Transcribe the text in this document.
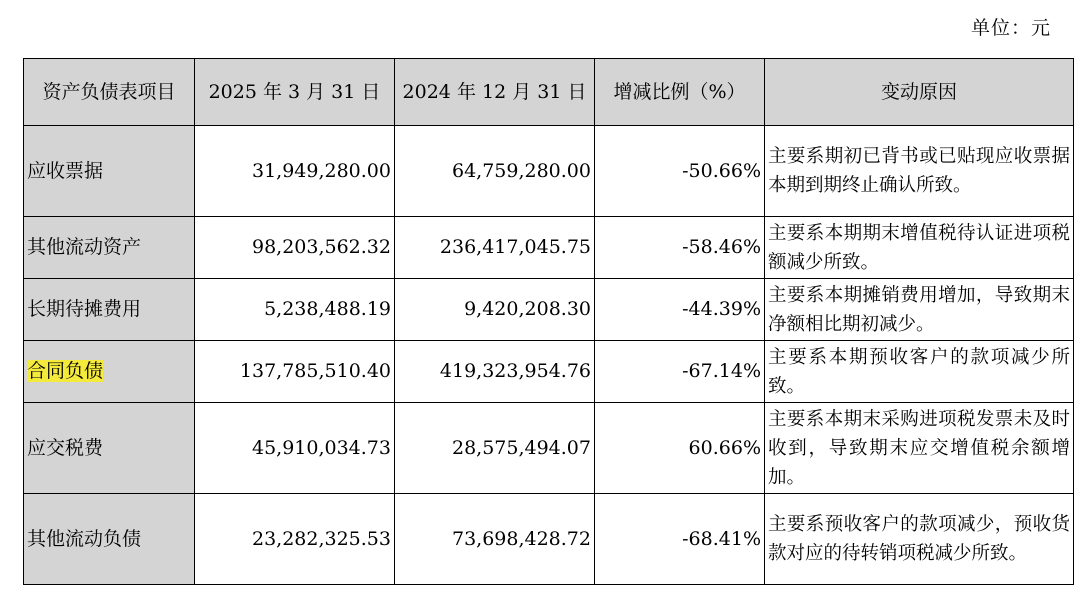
单位：元
资产负债表项目	2025 年 3 月 31 日	2024 年 12 月 31 日	增减比例（%）	变动原因
应收票据	31,949,280.00	64,759,280.00	-50.66%	主要系期初已背书或已贴现应收票据本期到期终止确认所致。
其他流动资产	98,203,562.32	236,417,045.75	-58.46%	主要系本期期末增值税待认证进项税额减少所致。
长期待摊费用	5,238,488.19	9,420,208.30	-44.39%	主要系本期摊销费用增加，导致期末净额相比期初减少。
合同负债	137,785,510.40	419,323,954.76	-67.14%	主要系本期预收客户的款项减少所致。
应交税费	45,910,034.73	28,575,494.07	60.66%	主要系本期末采购进项税发票未及时收到，导致期末应交增值税余额增加。
其他流动负债	23,282,325.53	73,698,428.72	-68.41%	主要系预收客户的款项减少，预收货款对应的待转销项税减少所致。
